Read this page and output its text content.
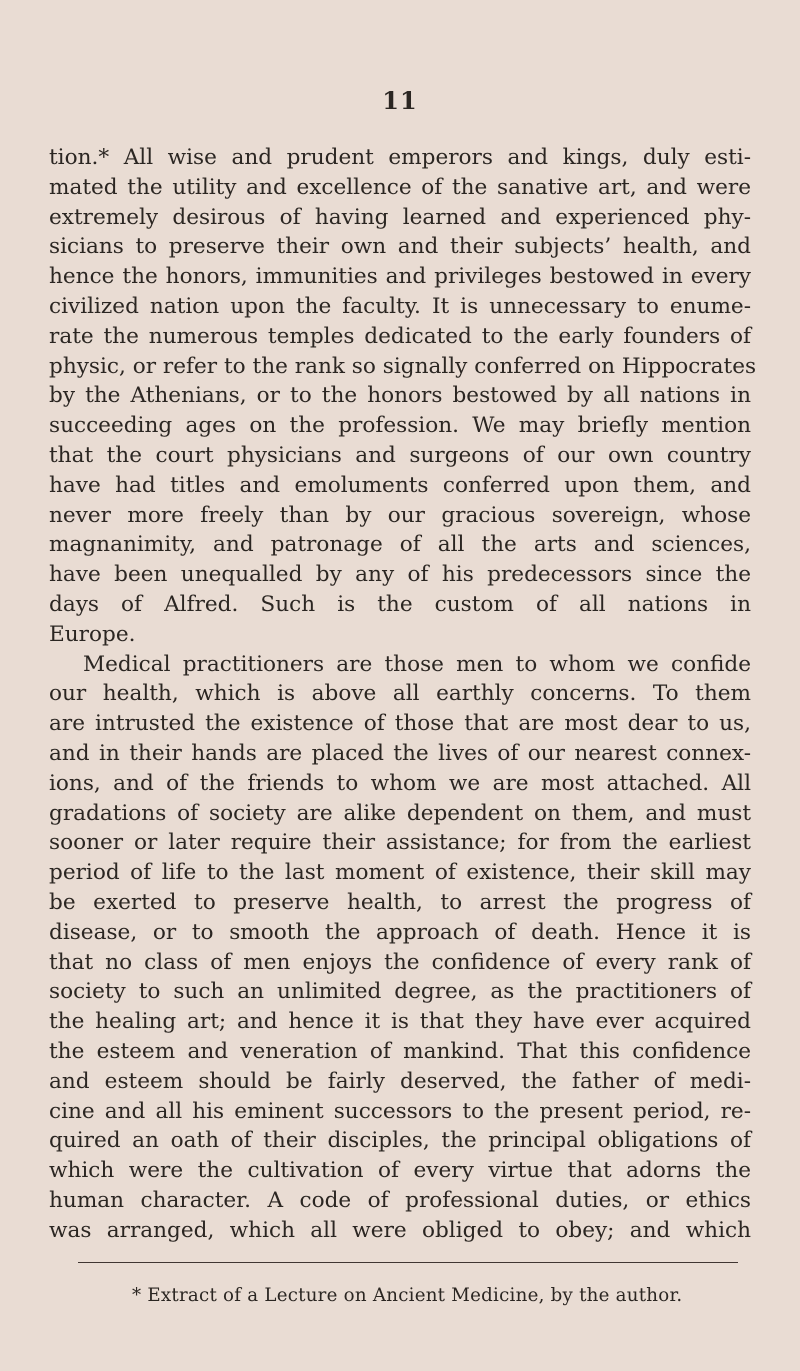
11
tion.* All wise and prudent emperors and kings, duly esti-
mated the utility and excellence of the sanative art, and were
extremely desirous of having learned and experienced phy-
sicians to preserve their own and their subjects’ health, and
hence the honors, immunities and privileges bestowed in every
civilized nation upon the faculty. It is unnecessary to enume-
rate the numerous temples dedicated to the early founders of
physic, or refer to the rank so signally conferred on Hippocrates
by the Athenians, or to the honors bestowed by all nations in
succeeding ages on the profession. We may briefly mention
that the court physicians and surgeons of our own country
have had titles and emoluments conferred upon them, and
never more freely than by our gracious sovereign, whose
magnanimity, and patronage of all the arts and sciences,
have been unequalled by any of his predecessors since the
days of Alfred. Such is the custom of all nations in
Europe.
Medical practitioners are those men to whom we confide
our health, which is above all earthly concerns. To them
are intrusted the existence of those that are most dear to us,
and in their hands are placed the lives of our nearest connex-
ions, and of the friends to whom we are most attached. All
gradations of society are alike dependent on them, and must
sooner or later require their assistance; for from the earliest
period of life to the last moment of existence, their skill may
be exerted to preserve health, to arrest the progress of
disease, or to smooth the approach of death. Hence it is
that no class of men enjoys the confidence of every rank of
society to such an unlimited degree, as the practitioners of
the healing art; and hence it is that they have ever acquired
the esteem and veneration of mankind. That this confidence
and esteem should be fairly deserved, the father of medi-
cine and all his eminent successors to the present period, re-
quired an oath of their disciples, the principal obligations of
which were the cultivation of every virtue that adorns the
human character. A code of professional duties, or ethics
was arranged, which all were obliged to obey; and which
* Extract of a Lecture on Ancient Medicine, by the author.
